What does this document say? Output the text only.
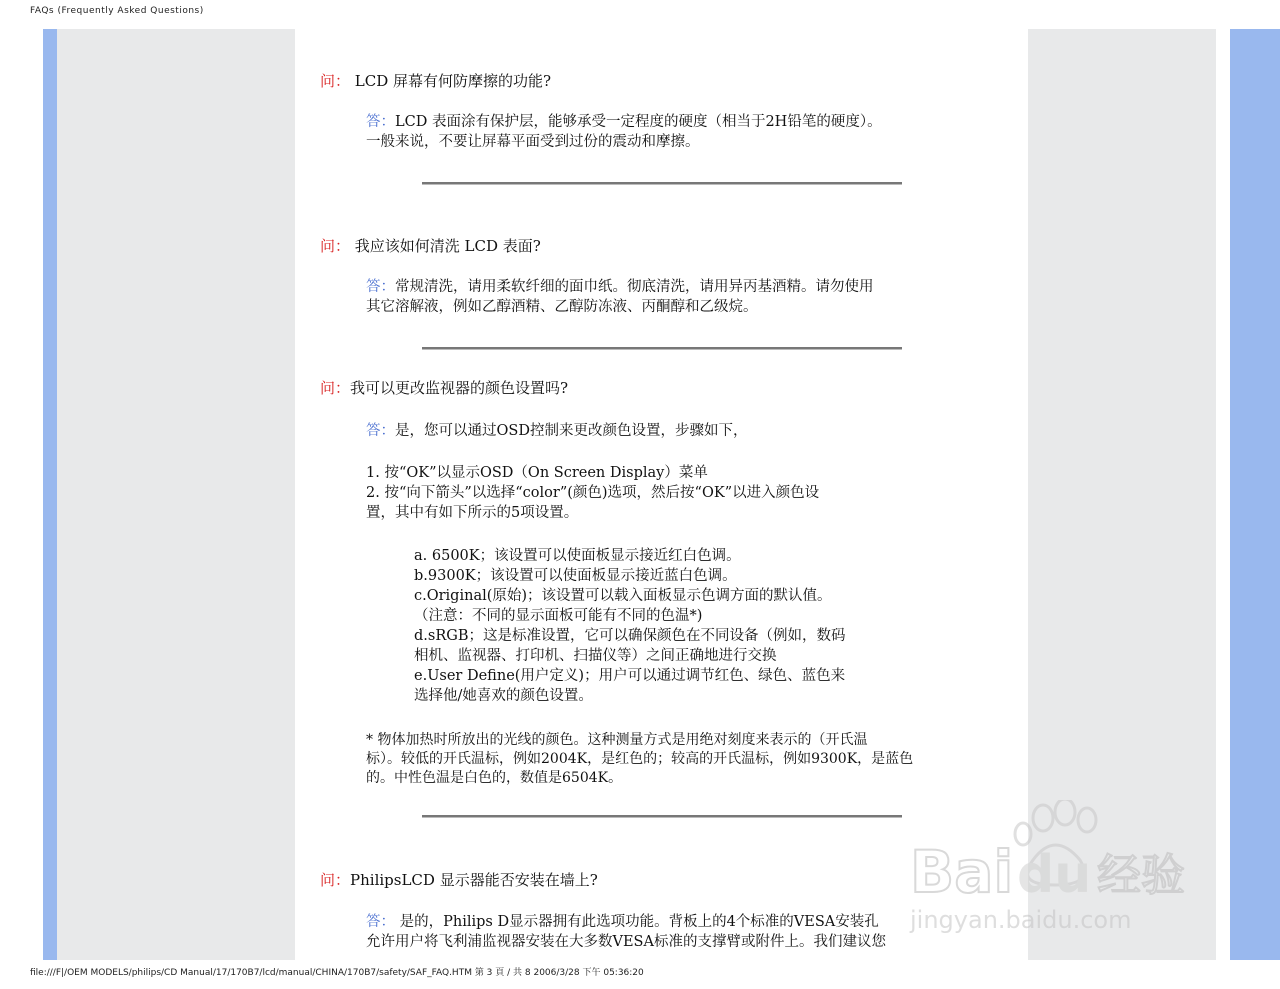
FAQs (Frequently Asked Questions)
问： LCD 屏幕有何防摩擦的功能?
答：LCD 表面涂有保护层，能够承受一定程度的硬度（相当于2H铅笔的硬度）。
一般来说，不要让屏幕平面受到过份的震动和摩擦。
问： 我应该如何清洗 LCD 表面?
答：常规清洗，请用柔软纤细的面巾纸。彻底清洗，请用异丙基酒精。请勿使用
其它溶解液，例如乙醇酒精、乙醇防冻液、丙酮醇和乙级烷。
问：我可以更改监视器的颜色设置吗?
答：是，您可以通过OSD控制来更改颜色设置，步骤如下，
1. 按“OK”以显示OSD（On Screen Display）菜单
2. 按“向下箭头”以选择“color”(颜色)选项，然后按“OK”以进入颜色设
置，其中有如下所示的5项设置。
a. 6500K；该设置可以使面板显示接近红白色调。
b.9300K；该设置可以使面板显示接近蓝白色调。
c.Original(原始)；该设置可以载入面板显示色调方面的默认值。
（注意：不同的显示面板可能有不同的色温*)
d.sRGB；这是标准设置，它可以确保颜色在不同设备（例如，数码
相机、监视器、打印机、扫描仪等）之间正确地进行交换
e.User Define(用户定义)；用户可以通过调节红色、绿色、蓝色来
选择他/她喜欢的颜色设置。
* 物体加热时所放出的光线的颜色。这种测量方式是用绝对刻度来表示的（开氏温
标）。较低的开氏温标，例如2004K，是红色的；较高的开氏温标，例如9300K，是蓝色
的。中性色温是白色的，数值是6504K。
问：PhilipsLCD 显示器能否安装在墙上?
答： 是的，Philips D显示器拥有此选项功能。背板上的4个标准的VESA安装孔
允许用户将飞利浦监视器安装在大多数VESA标准的支撑臂或附件上。我们建议您
Bai du 经验
jingyan.baidu.com
file:///F|/OEM MODELS/philips/CD Manual/17/170B7/lcd/manual/CHINA/170B7/safety/SAF_FAQ.HTM 第 3 頁 / 共 8 2006/3/28 下午 05:36:20
